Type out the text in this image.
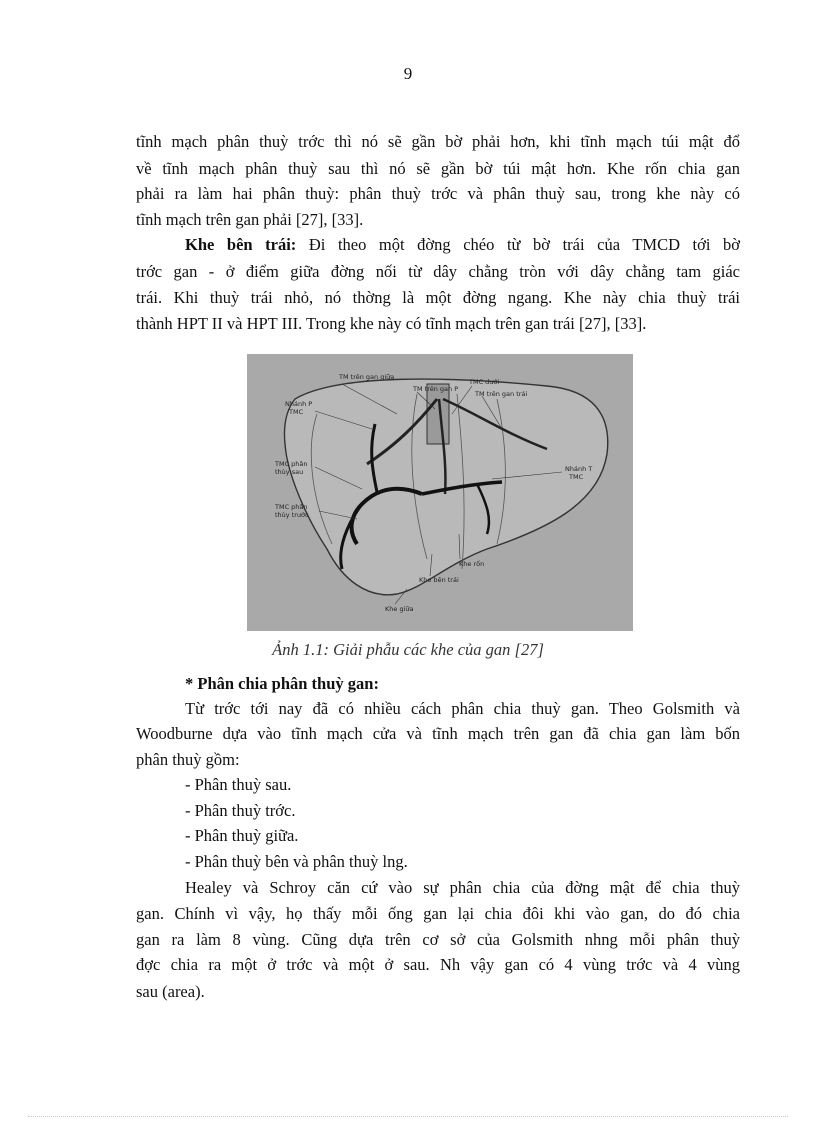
9
tĩnh mạch phân thuỳ trớc thì nó sẽ gần bờ phải hơn, khi tĩnh mạch túi mật đổ
về tĩnh mạch phân thuỳ sau thì nó sẽ gần bờ túi mật hơn. Khe rốn chia gan
phải ra làm hai phân thuỳ: phân thuỳ trớc và phân thuỳ sau, trong khe này có
tĩnh mạch trên gan phải [27], [33].
Khe bên trái: Đi theo một đờng chéo từ bờ trái của TMCD tới bờ
trớc gan - ở điểm giữa đờng nối từ dây chằng tròn với dây chằng tam giác
trái. Khi thuỳ trái nhỏ, nó thờng là một đờng ngang. Khe này chia thuỳ trái
thành HPT II và HPT III. Trong khe này có tĩnh mạch trên gan trái [27], [33].
TM trên gan giữa
TM trên gan P
TMC dưới
TM trên gan trái
Nhánh P
TMC
TMC phân
thùy sau
TMC phân
thùy trước
Nhánh T
TMC
Khe rốn
Khe bên trái
Khe giữa
Ảnh 1.1: Giải phẫu các khe của gan [27]
* Phân chia phân thuỳ gan:
Từ trớc tới nay đã có nhiều cách phân chia thuỳ gan. Theo Golsmith và
Woodburne dựa vào tĩnh mạch cửa và tĩnh mạch trên gan đã chia gan làm bốn
phân thuỳ gồm:
- Phân thuỳ sau.
- Phân thuỳ trớc.
- Phân thuỳ giữa.
- Phân thuỳ bên và phân thuỳ lng.
Healey và Schroy căn cứ vào sự phân chia của đờng mật để chia thuỳ
gan. Chính vì vậy, họ thấy mỗi ống gan lại chia đôi khi vào gan, do đó chia
gan ra làm 8 vùng. Cũng dựa trên cơ sở của Golsmith nhng mỗi phân thuỳ
đợc chia ra một ở trớc và một ở sau. Nh vậy gan có 4 vùng trớc và 4 vùng
sau (area).
